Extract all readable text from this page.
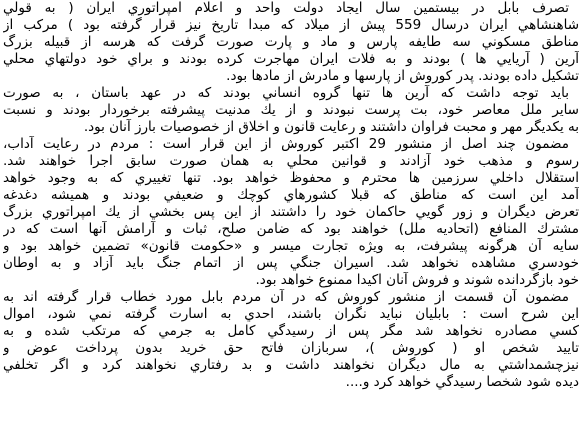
تصرف بابل در بيستمين سال ايجاد دولت واحد و اعلام امپراتوري ايران ( به قولي
شاهنشاهي ايران درسال 559 پيش از ميلاد كه مبدا تاريخ نيز قرار گرفته بود ) مركب از
مناطق مسكوني سه طايفه پارس و ماد و پارت صورت گرفت كه هرسه از قبيله بزرگ
آرين ( آريايي ها ) بودند و به فلات ايران مهاجرت كرده بودند و براي خود دولتهاي محلي
تشكيل داده بودند. پدر كوروش از پارسها و مادرش از مادها بود.
بايد توجه داشت كه آرين ها تنها گروه انساني بودند كه در عهد باستان ، به صورت
ساير ملل معاصر خود، بت پرست نبودند و از يك مدنيت پيشرفته برخوردار بودند و نسبت
به يكديگر مهر و محبت فراوان داشتند و رعايت قانون و اخلاق از خصوصيات بارز آنان بود.
مضمون چند اصل از منشور 29 اكتبر كوروش از اين قرار است : مردم در رعايت آداب،
رسوم و مذهب خود آزادند و قوانين محلي به همان صورت سابق اجرا خواهند شد.
استقلال داخلي سرزمين ها محترم و محفوظ خواهد بود. تنها تغييري كه به وجود خواهد
آمد اين است كه مناطق كه قبلا كشورهاي كوچك و ضعيفي بودند و هميشه دغدغه
تعرض ديگران و زور گويي حاكمان خود را داشتند از اين پس بخشي از يك امپراتوري بزرگ
مشترك المنافع (اتحاديه ملل) خواهند بود كه ضامن صلح، ثبات و آرامش آنها است كه در
سايه آن هرگونه پيشرفت، به ويژه تجارت ميسر و «حكومت قانون» تضمين خواهد بود و
خودسري مشاهده نخواهد شد. اسيران جنگي پس از اتمام جنگ بايد آزاد و به اوطان
خود بازگردانده شوند و فروش آنان اكيدا ممنوع خواهد بود.
مضمون آن قسمت از منشور كوروش كه در آن مردم بابل مورد خطاب قرار گرفته اند به
اين شرح است : بابليان نبايد نگران باشند، احدي به اسارت گرفته نمي شود، اموال
كسي مصادره نخواهد شد مگر پس از رسيدگي كامل به جرمي كه مرتكب شده و به
تاييد شخص او ( كوروش )، سربازان فاتح حق خريد بدون پرداخت عوض و
نيزچشمداشتي به مال ديگران نخواهند داشت و بد رفتاري نخواهند كرد و اگر تخلفي
ديده شود شخصا رسيدگي خواهد كرد و....
